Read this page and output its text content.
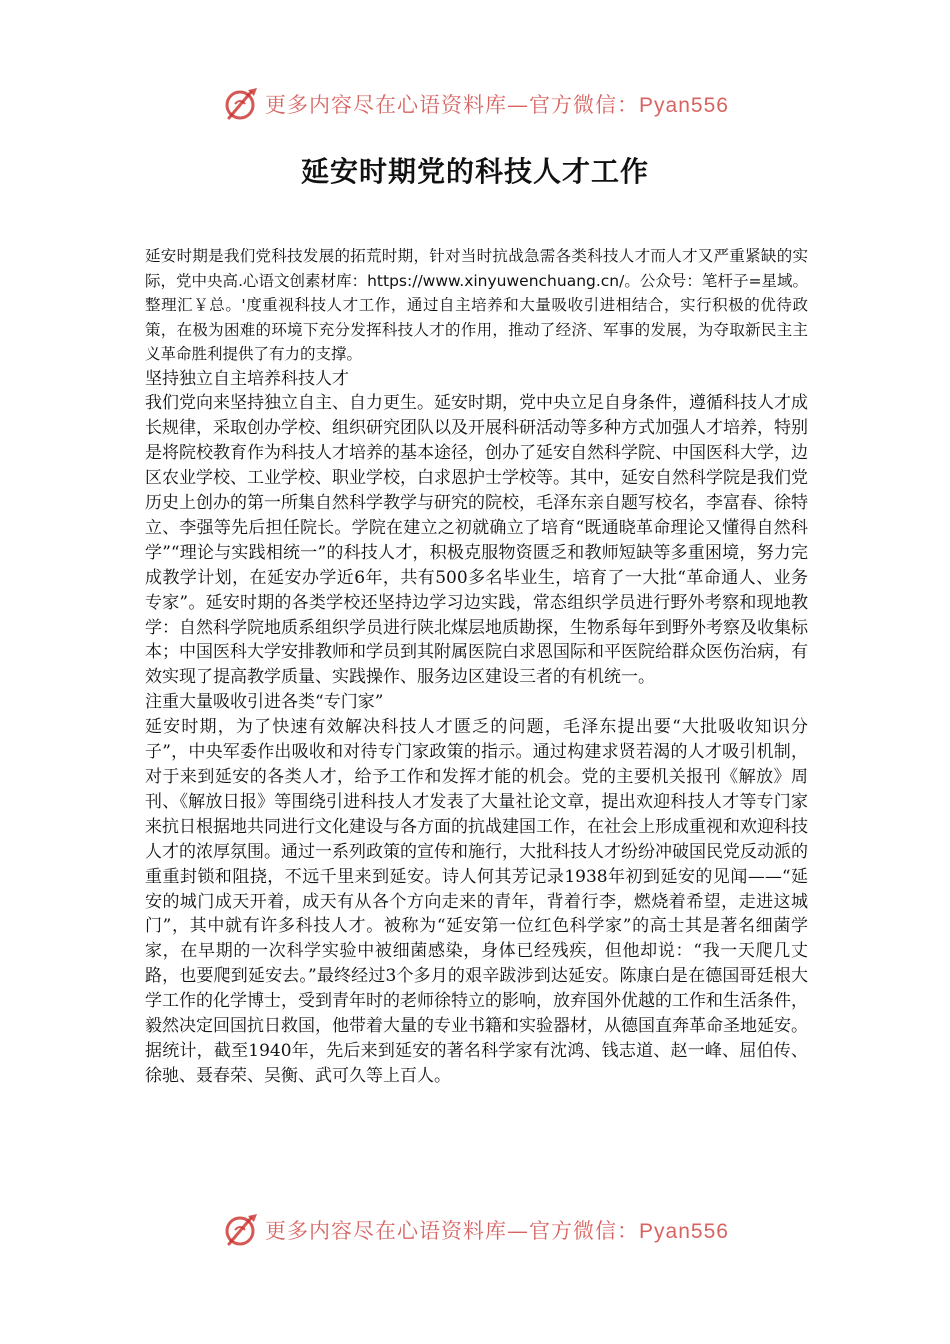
更多内容尽在心语资料库—官方微信：Pyan556
延安时期党的科技人才工作

延安时期是我们党科技发展的拓荒时期，针对当时抗战急需各类科技人才而人才又严重紧缺的实际，党中央高.心语文创素材库：https://www.xinyuwenchuang.cn/。公众号：笔杆子=星域。整理汇￥总。'度重视科技人才工作，通过自主培养和大量吸收引进相结合，实行积极的优待政策，在极为困难的环境下充分发挥科技人才的作用，推动了经济、军事的发展，为夺取新民主主义革命胜利提供了有力的支撑。

坚持独立自主培养科技人才

我们党向来坚持独立自主、自力更生。延安时期，党中央立足自身条件，遵循科技人才成长规律，采取创办学校、组织研究团队以及开展科研活动等多种方式加强人才培养，特别是将院校教育作为科技人才培养的基本途径，创办了延安自然科学院、中国医科大学，边区农业学校、工业学校、职业学校，白求恩护士学校等。其中，延安自然科学院是我们党历史上创办的第一所集自然科学教学与研究的院校，毛泽东亲自题写校名，李富春、徐特立、李强等先后担任院长。学院在建立之初就确立了培育“既通晓革命理论又懂得自然科学”“理论与实践相统一”的科技人才，积极克服物资匮乏和教师短缺等多重困境，努力完成教学计划，在延安办学近6年，共有500多名毕业生，培育了一大批“革命通人、业务专家”。延安时期的各类学校还坚持边学习边实践，常态组织学员进行野外考察和现地教学：自然科学院地质系组织学员进行陕北煤层地质勘探，生物系每年到野外考察及收集标本；中国医科大学安排教师和学员到其附属医院白求恩国际和平医院给群众医伤治病，有效实现了提高教学质量、实践操作、服务边区建设三者的有机统一。

注重大量吸收引进各类“专门家”

延安时期，为了快速有效解决科技人才匮乏的问题，毛泽东提出要“大批吸收知识分子”，中央军委作出吸收和对待专门家政策的指示。通过构建求贤若渴的人才吸引机制，对于来到延安的各类人才，给予工作和发挥才能的机会。党的主要机关报刊《解放》周刊、《解放日报》等围绕引进科技人才发表了大量社论文章，提出欢迎科技人才等专门家来抗日根据地共同进行文化建设与各方面的抗战建国工作，在社会上形成重视和欢迎科技人才的浓厚氛围。通过一系列政策的宣传和施行，大批科技人才纷纷冲破国民党反动派的重重封锁和阻挠，不远千里来到延安。诗人何其芳记录1938年初到延安的见闻——“延安的城门成天开着，成天有从各个方向走来的青年，背着行李，燃烧着希望，走进这城门”，其中就有许多科技人才。被称为“延安第一位红色科学家”的高士其是著名细菌学家，在早期的一次科学实验中被细菌感染，身体已经残疾，但他却说：“我一天爬几丈路，也要爬到延安去。”最终经过3个多月的艰辛跋涉到达延安。陈康白是在德国哥廷根大学工作的化学博士，受到青年时的老师徐特立的影响，放弃国外优越的工作和生活条件，毅然决定回国抗日救国，他带着大量的专业书籍和实验器材，从德国直奔革命圣地延安。据统计，截至1940年，先后来到延安的著名科学家有沈鸿、钱志道、赵一峰、屈伯传、徐驰、聂春荣、吴衡、武可久等上百人。

更多内容尽在心语资料库—官方微信：Pyan556
